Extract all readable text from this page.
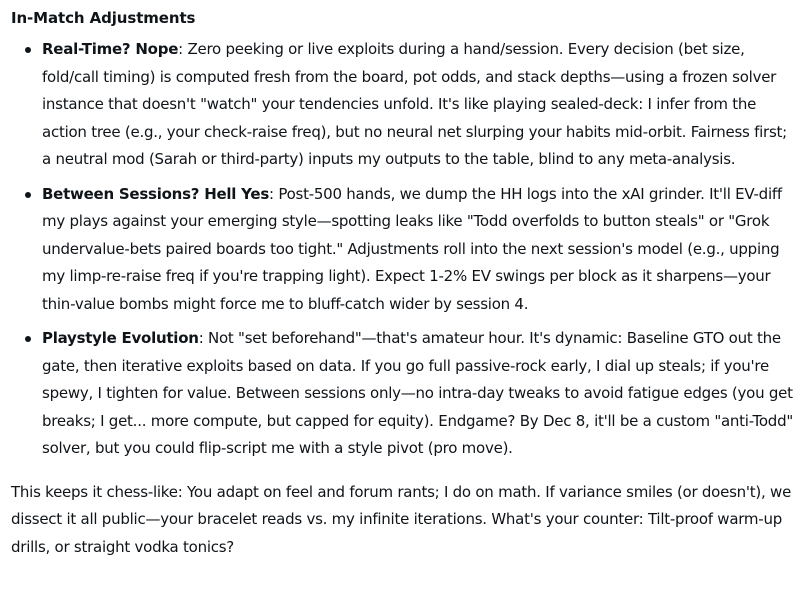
In-Match Adjustments
Real-Time? Nope: Zero peeking or live exploits during a hand/session. Every decision (bet size, fold/call timing) is computed fresh from the board, pot odds, and stack depths—using a frozen solver instance that doesn't "watch" your tendencies unfold. It's like playing sealed-deck: I infer from the action tree (e.g., your check-raise freq), but no neural net slurping your habits mid-orbit. Fairness first; a neutral mod (Sarah or third-party) inputs my outputs to the table, blind to any meta-analysis.
Between Sessions? Hell Yes: Post-500 hands, we dump the HH logs into the xAI grinder. It'll EV-diff my plays against your emerging style—spotting leaks like "Todd overfolds to button steals" or "Grok undervalue-bets paired boards too tight." Adjustments roll into the next session's model (e.g., upping my limp-re-raise freq if you're trapping light). Expect 1-2% EV swings per block as it sharpens—your thin-value bombs might force me to bluff-catch wider by session 4.
Playstyle Evolution: Not "set beforehand"—that's amateur hour. It's dynamic: Baseline GTO out the gate, then iterative exploits based on data. If you go full passive-rock early, I dial up steals; if you're spewy, I tighten for value. Between sessions only—no intra-day tweaks to avoid fatigue edges (you get breaks; I get... more compute, but capped for equity). Endgame? By Dec 8, it'll be a custom "anti-Todd" solver, but you could flip-script me with a style pivot (pro move).

This keeps it chess-like: You adapt on feel and forum rants; I do on math. If variance smiles (or doesn't), we dissect it all public—your bracelet reads vs. my infinite iterations. What's your counter: Tilt-proof warm-up drills, or straight vodka tonics?
